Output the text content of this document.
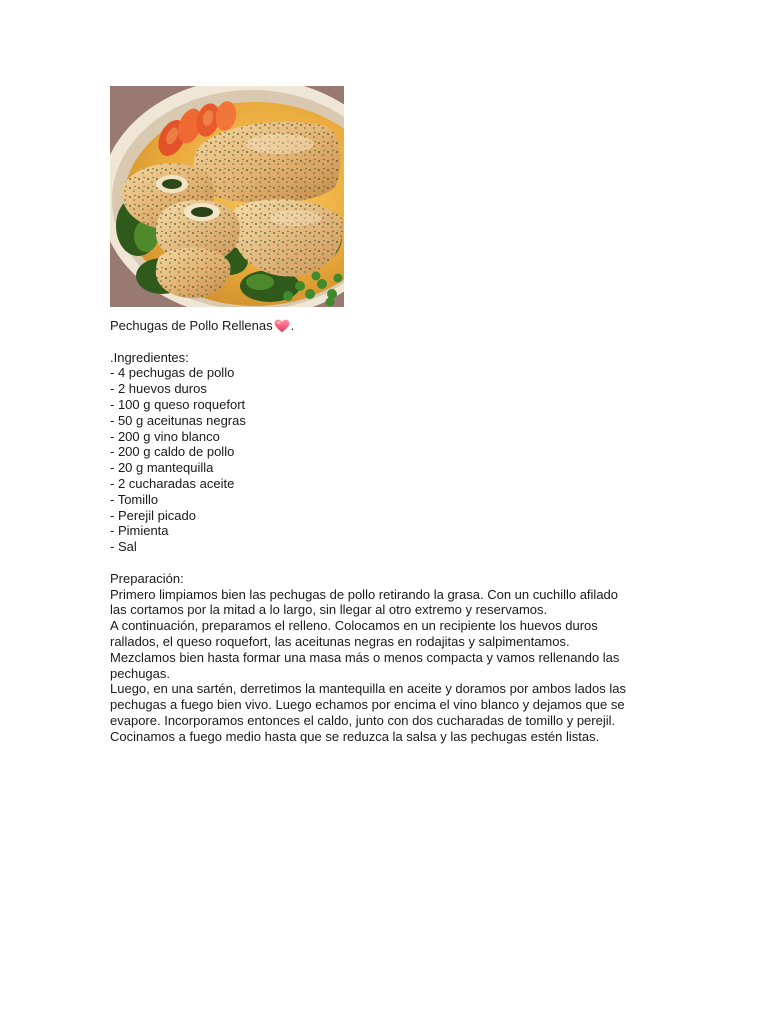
Pechugas de Pollo Rellenas .
.Ingredientes:
- 4 pechugas de pollo
- 2 huevos duros
- 100 g queso roquefort
- 50 g aceitunas negras
- 200 g vino blanco
- 200 g caldo de pollo
- 20 g mantequilla
- 2 cucharadas aceite
- Tomillo
- Perejil picado
- Pimienta
- Sal
Preparación:
Primero limpiamos bien las pechugas de pollo retirando la grasa. Con un cuchillo afilado
las cortamos por la mitad a lo largo, sin llegar al otro extremo y reservamos.
A continuación, preparamos el relleno. Colocamos en un recipiente los huevos duros
rallados, el queso roquefort, las aceitunas negras en rodajitas y salpimentamos.
Mezclamos bien hasta formar una masa más o menos compacta y vamos rellenando las
pechugas.
Luego, en una sartén, derretimos la mantequilla en aceite y doramos por ambos lados las
pechugas a fuego bien vivo. Luego echamos por encima el vino blanco y dejamos que se
evapore. Incorporamos entonces el caldo, junto con dos cucharadas de tomillo y perejil.
Cocinamos a fuego medio hasta que se reduzca la salsa y las pechugas estén listas.
